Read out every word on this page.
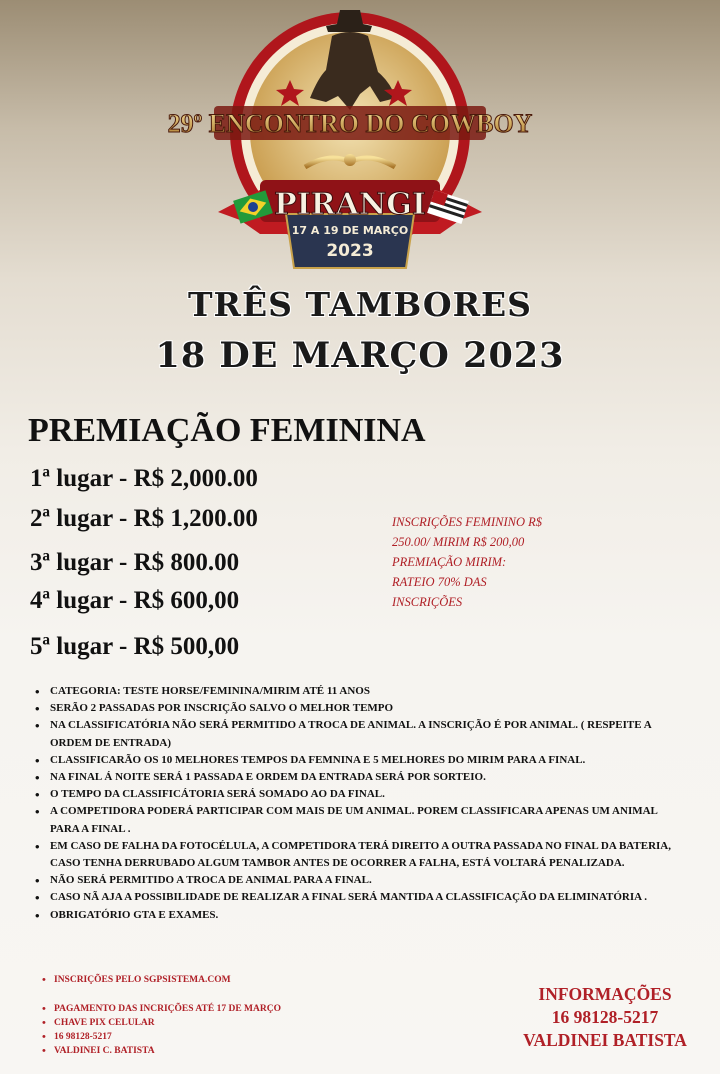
29º ENCONTRO DO COWBOY
PIRANGI
17 A 19 DE MARÇO
2023
TRÊS TAMBORES
18 DE MARÇO 2023
PREMIAÇÃO FEMININA
1ª lugar - R$ 2,000.00
2ª lugar - R$ 1,200.00
3ª lugar - R$ 800.00
4ª lugar - R$ 600,00
5ª lugar - R$ 500,00
INSCRIÇÕES FEMININO R$
250.00/ MIRIM R$ 200,00
PREMIAÇÃO MIRIM:
RATEIO 70% DAS
INSCRIÇÕES
• CATEGORIA: TESTE HORSE/FEMININA/MIRIM ATÉ 11 ANOS
• SERÃO 2 PASSADAS POR INSCRIÇÃO SALVO O MELHOR TEMPO
• NA CLASSIFICATÓRIA NÃO SERÁ PERMITIDO A TROCA DE ANIMAL. A INSCRIÇÃO É POR ANIMAL. ( RESPEITE A ORDEM DE ENTRADA)
• CLASSIFICARÃO OS 10 MELHORES TEMPOS DA FEMNINA E 5 MELHORES DO MIRIM PARA A FINAL.
• NA FINAL Á NOITE SERÁ 1 PASSADA E ORDEM DA ENTRADA SERÁ POR SORTEIO.
• O TEMPO DA CLASSIFICÁTORIA SERÁ SOMADO AO DA FINAL.
• A COMPETIDORA PODERÁ PARTICIPAR COM MAIS DE UM ANIMAL. POREM CLASSIFICARA APENAS UM ANIMAL PARA A FINAL .
• EM CASO DE FALHA DA FOTOCÉLULA, A COMPETIDORA TERÁ DIREITO A OUTRA PASSADA NO FINAL DA BATERIA, CASO TENHA DERRUBADO ALGUM TAMBOR ANTES DE OCORRER A FALHA, ESTÁ VOLTARÁ PENALIZADA.
• NÃO SERÁ PERMITIDO A TROCA DE ANIMAL PARA A FINAL.
• CASO NÃ AJA A POSSIBILIDADE DE REALIZAR A FINAL SERÁ MANTIDA A CLASSIFICAÇÃO DA ELIMINATÓRIA .
• OBRIGATÓRIO GTA E EXAMES.
• INSCRIÇÕES PELO SGPSISTEMA.COM
• PAGAMENTO DAS INCRIÇÕES ATÉ 17 DE MARÇO
• CHAVE PIX CELULAR
• 16 98128-5217
• VALDINEI C. BATISTA
INFORMAÇÕES
16 98128-5217
VALDINEI BATISTA
